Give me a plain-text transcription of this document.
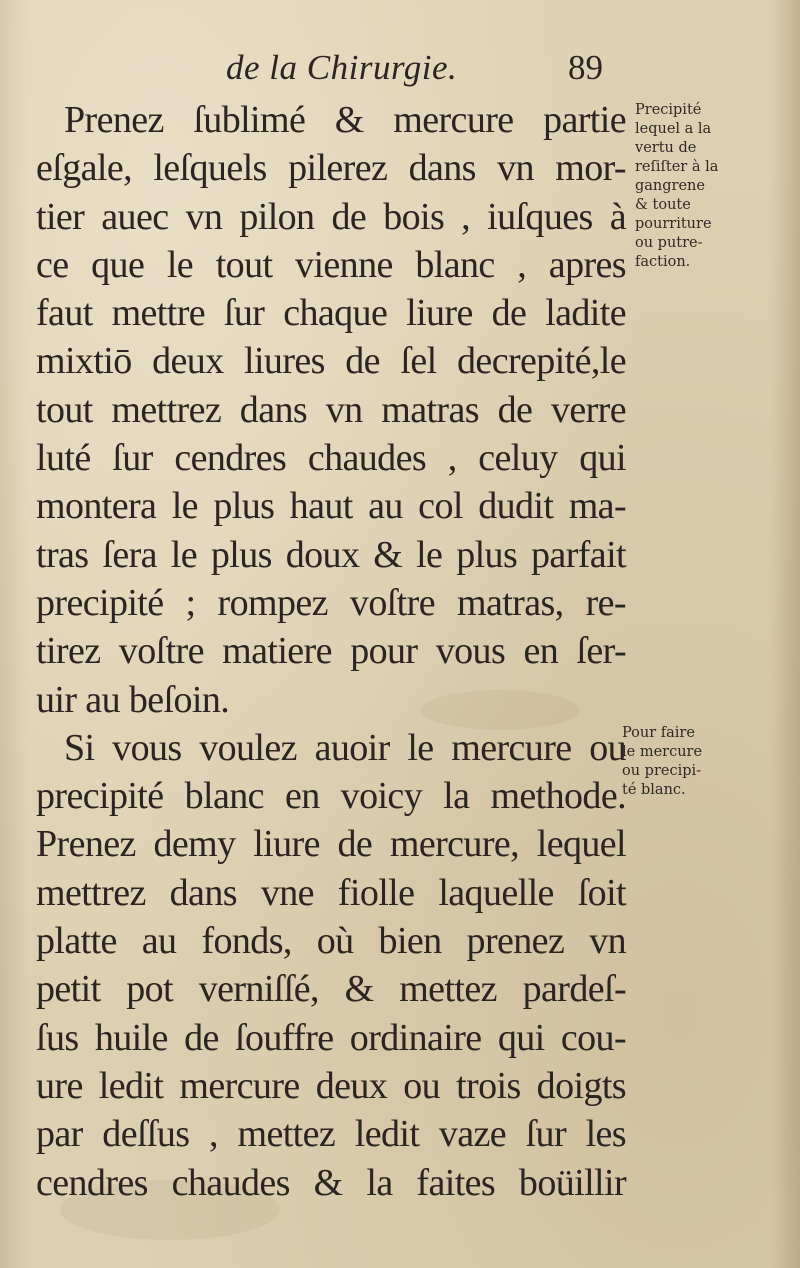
de la Chirurgie.	89
Prenez ſublimé & mercure partie
eſgale, leſquels pilerez dans vn mor-
tier auec vn pilon de bois , iuſques à
ce que le tout vienne blanc , apres
faut mettre ſur chaque liure de ladite
mixtiō deux liures de ſel decrepité,le
tout mettrez dans vn matras de verre
luté ſur cendres chaudes , celuy qui
montera le plus haut au col dudit ma-
tras ſera le plus doux & le plus parfait
precipité ; rompez voſtre matras, re-
tirez voſtre matiere pour vous en ſer-
uir au beſoin.
Si vous voulez auoir le mercure ou
precipité blanc en voicy la methode.
Prenez demy liure de mercure, lequel
mettrez dans vne fiolle laquelle ſoit
platte au fonds, où bien prenez vn
petit pot verniſſé, & mettez pardeſ-
ſus huile de ſouffre ordinaire qui cou-
ure ledit mercure deux ou trois doigts
par deſſus , mettez ledit vaze ſur les
cendres chaudes & la faites boüillir
Precipité
lequel a la
vertu de
reſiſter à la
gangrene
& toute
pourriture
ou putre-
faction.
Pour faire
le mercure
ou precipi-
té blanc.
